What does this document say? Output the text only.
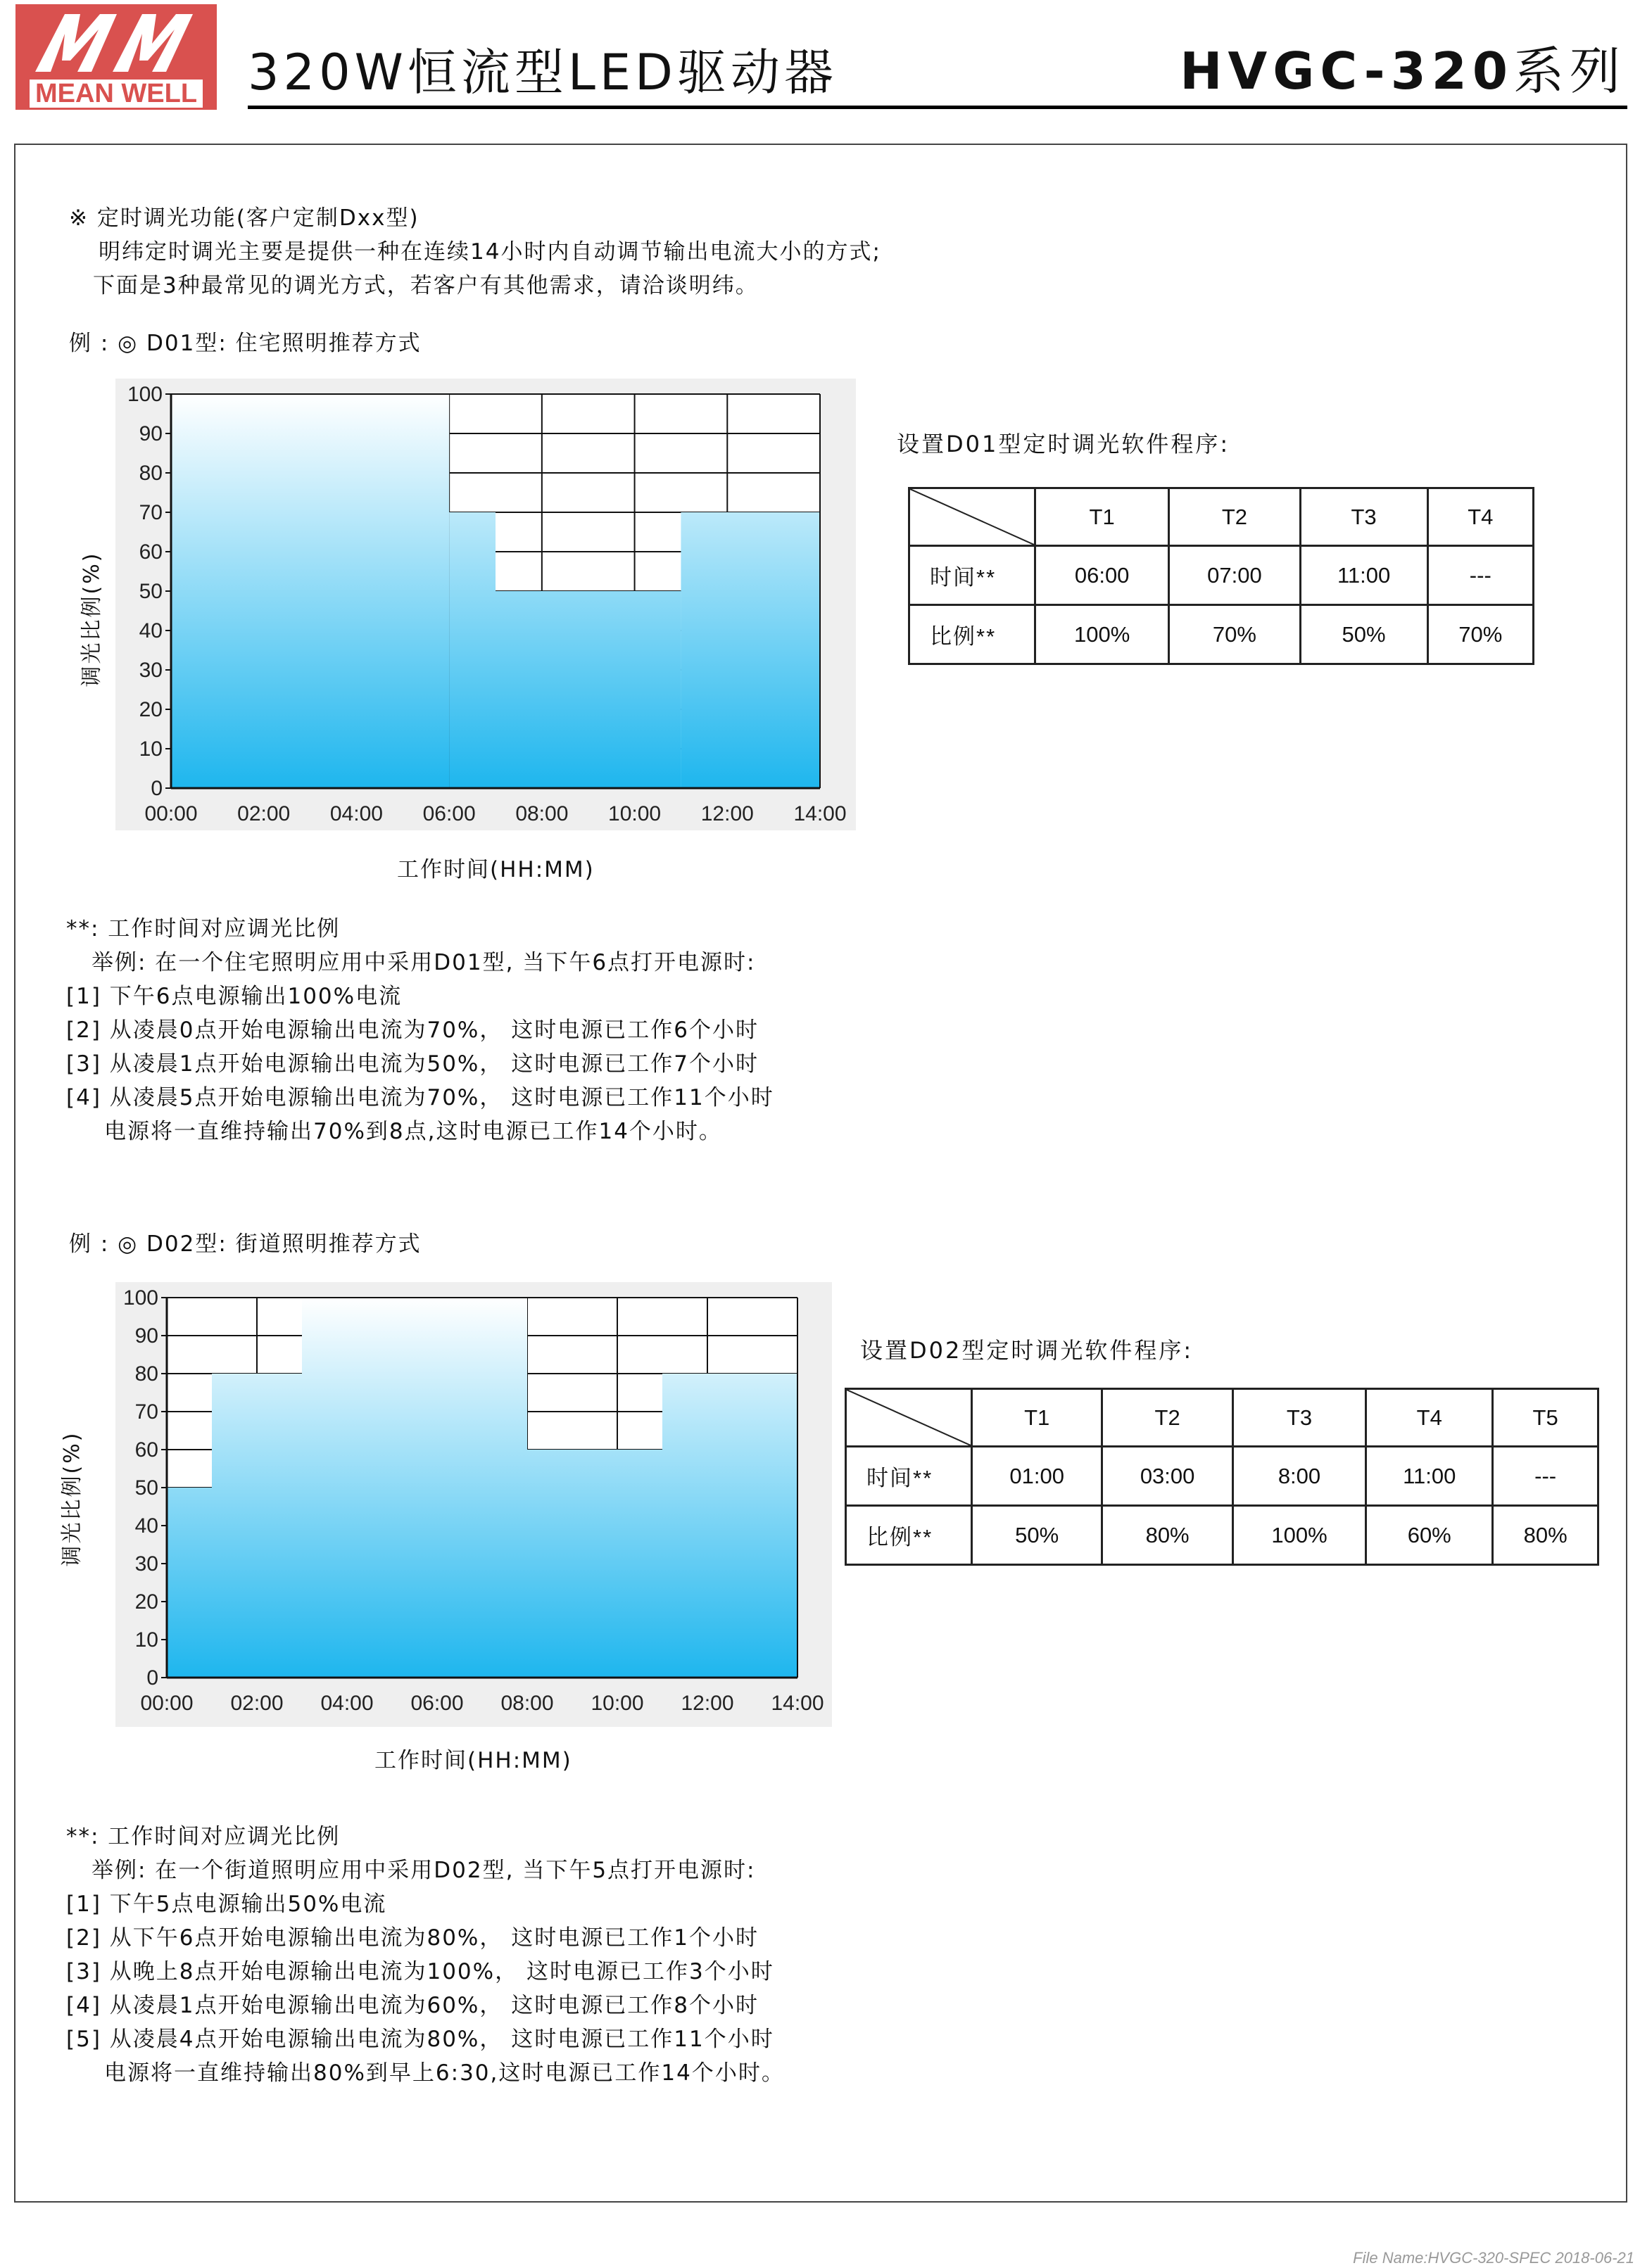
MEAN WELL	320W恒流型LED驱动器	HVGC-320系列
※ 定时调光功能(客户定制Dxx型)
明纬定时调光主要是提供一种在连续14小时内自动调节输出电流大小的方式;
下面是3种最常见的调光方式，若客户有其他需求，请洽谈明纬。
例 : ◎ D01型: 住宅照明推荐方式
0
10
20
30
40
50
60
70
80
90
100
00:00 02:00 04:00 06:00 08:00 10:00 12:00 14:00
调光比例(%)
工作时间(HH:MM)
设置D01型定时调光软件程序:
	T1	T2	T3	T4
时间**	06:00	07:00	11:00	---
比例**	100%	70%	50%	70%
**: 工作时间对应调光比例
举例: 在一个住宅照明应用中采用D01型, 当下午6点打开电源时:
[1] 下午6点电源输出100%电流
[2] 从凌晨0点开始电源输出电流为70%， 这时电源已工作6个小时
[3] 从凌晨1点开始电源输出电流为50%， 这时电源已工作7个小时
[4] 从凌晨5点开始电源输出电流为70%， 这时电源已工作11个小时
电源将一直维持输出70%到8点,这时电源已工作14个小时。
例 : ◎ D02型: 街道照明推荐方式
0
10
20
30
40
50
60
70
80
90
100
00:00 02:00 04:00 06:00 08:00 10:00 12:00 14:00
调光比例(%)
工作时间(HH:MM)
设置D02型定时调光软件程序:
	T1	T2	T3	T4	T5
时间**	01:00	03:00	8:00	11:00	---
比例**	50%	80%	100%	60%	80%
**: 工作时间对应调光比例
举例: 在一个街道照明应用中采用D02型, 当下午5点打开电源时:
[1] 下午5点电源输出50%电流
[2] 从下午6点开始电源输出电流为80%， 这时电源已工作1个小时
[3] 从晚上8点开始电源输出电流为100%， 这时电源已工作3个小时
[4] 从凌晨1点开始电源输出电流为60%， 这时电源已工作8个小时
[5] 从凌晨4点开始电源输出电流为80%， 这时电源已工作11个小时
电源将一直维持输出80%到早上6:30,这时电源已工作14个小时。
File Name:HVGC-320-SPEC 2018-06-21
